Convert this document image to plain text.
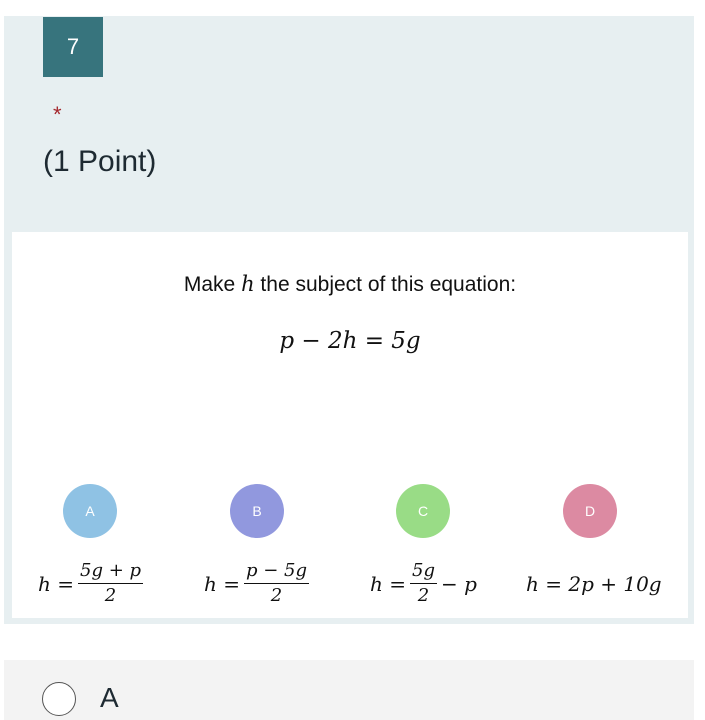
7
*
(1 Point)
Make h the subject of this equation:
p − 2h = 5g
A
$h = \frac{5g + p}{2}$
B
$h = \frac{p - 5g}{2}$
C
$h = \frac{5g}{2} - p$
D
h = 2p + 10g
A
